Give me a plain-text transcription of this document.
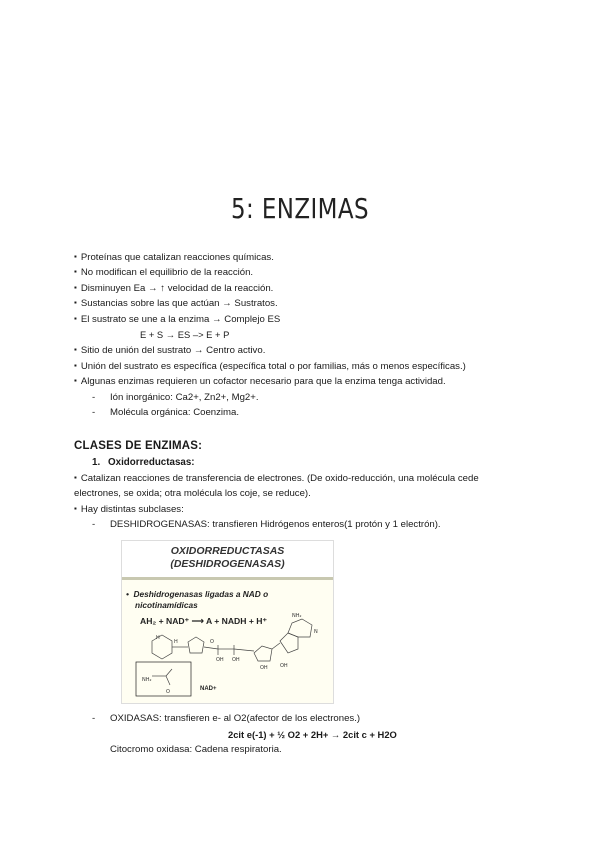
5: ENZIMAS
▪ Proteínas que catalizan reacciones químicas.
▪ No modifican el equilibrio de la reacción.
▪ Disminuyen Ea → ↑ velocidad de la reacción.
▪ Sustancias sobre las que actúan → Sustratos.
▪ El sustrato se une a la enzima → Complejo ES
E + S → ES –> E + P
▪ Sitio de unión del sustrato → Centro activo.
▪ Unión del sustrato es específica (específica total o por familias, más o menos específicas.)
▪ Algunas enzimas requieren un cofactor necesario para que la enzima tenga actividad.
- Ión inorgánico: Ca2+, Zn2+, Mg2+.
- Molécula orgánica: Coenzima.
CLASES DE ENZIMAS:
1. Oxidorreductasas:
▪ Catalizan reacciones de transferencia de electrones. (De oxido-reducción, una molécula cede
electrones, se oxida; otra molécula los coje, se reduce).
▪ Hay distintas subclases:
- DESHIDROGENASAS: transfieren Hidrógenos enteros(1 protón y 1 electrón).
OXIDORREDUCTASAS
(DESHIDROGENASAS)
•  Deshidrogenasas ligadas a NAD o
nicotinamídicas
AH₂ + NAD⁺ ⟶ A + NADH + H⁺
H
H	O
OH OH
NH₂
N
OH
OH
NH₂
O	NAD+
- OXIDASAS: transfieren e- al O2(afector de los electrones.)
2cit e(-1) + ½ O2 + 2H+ → 2cit c + H2O
Citocromo oxidasa: Cadena respiratoria.
